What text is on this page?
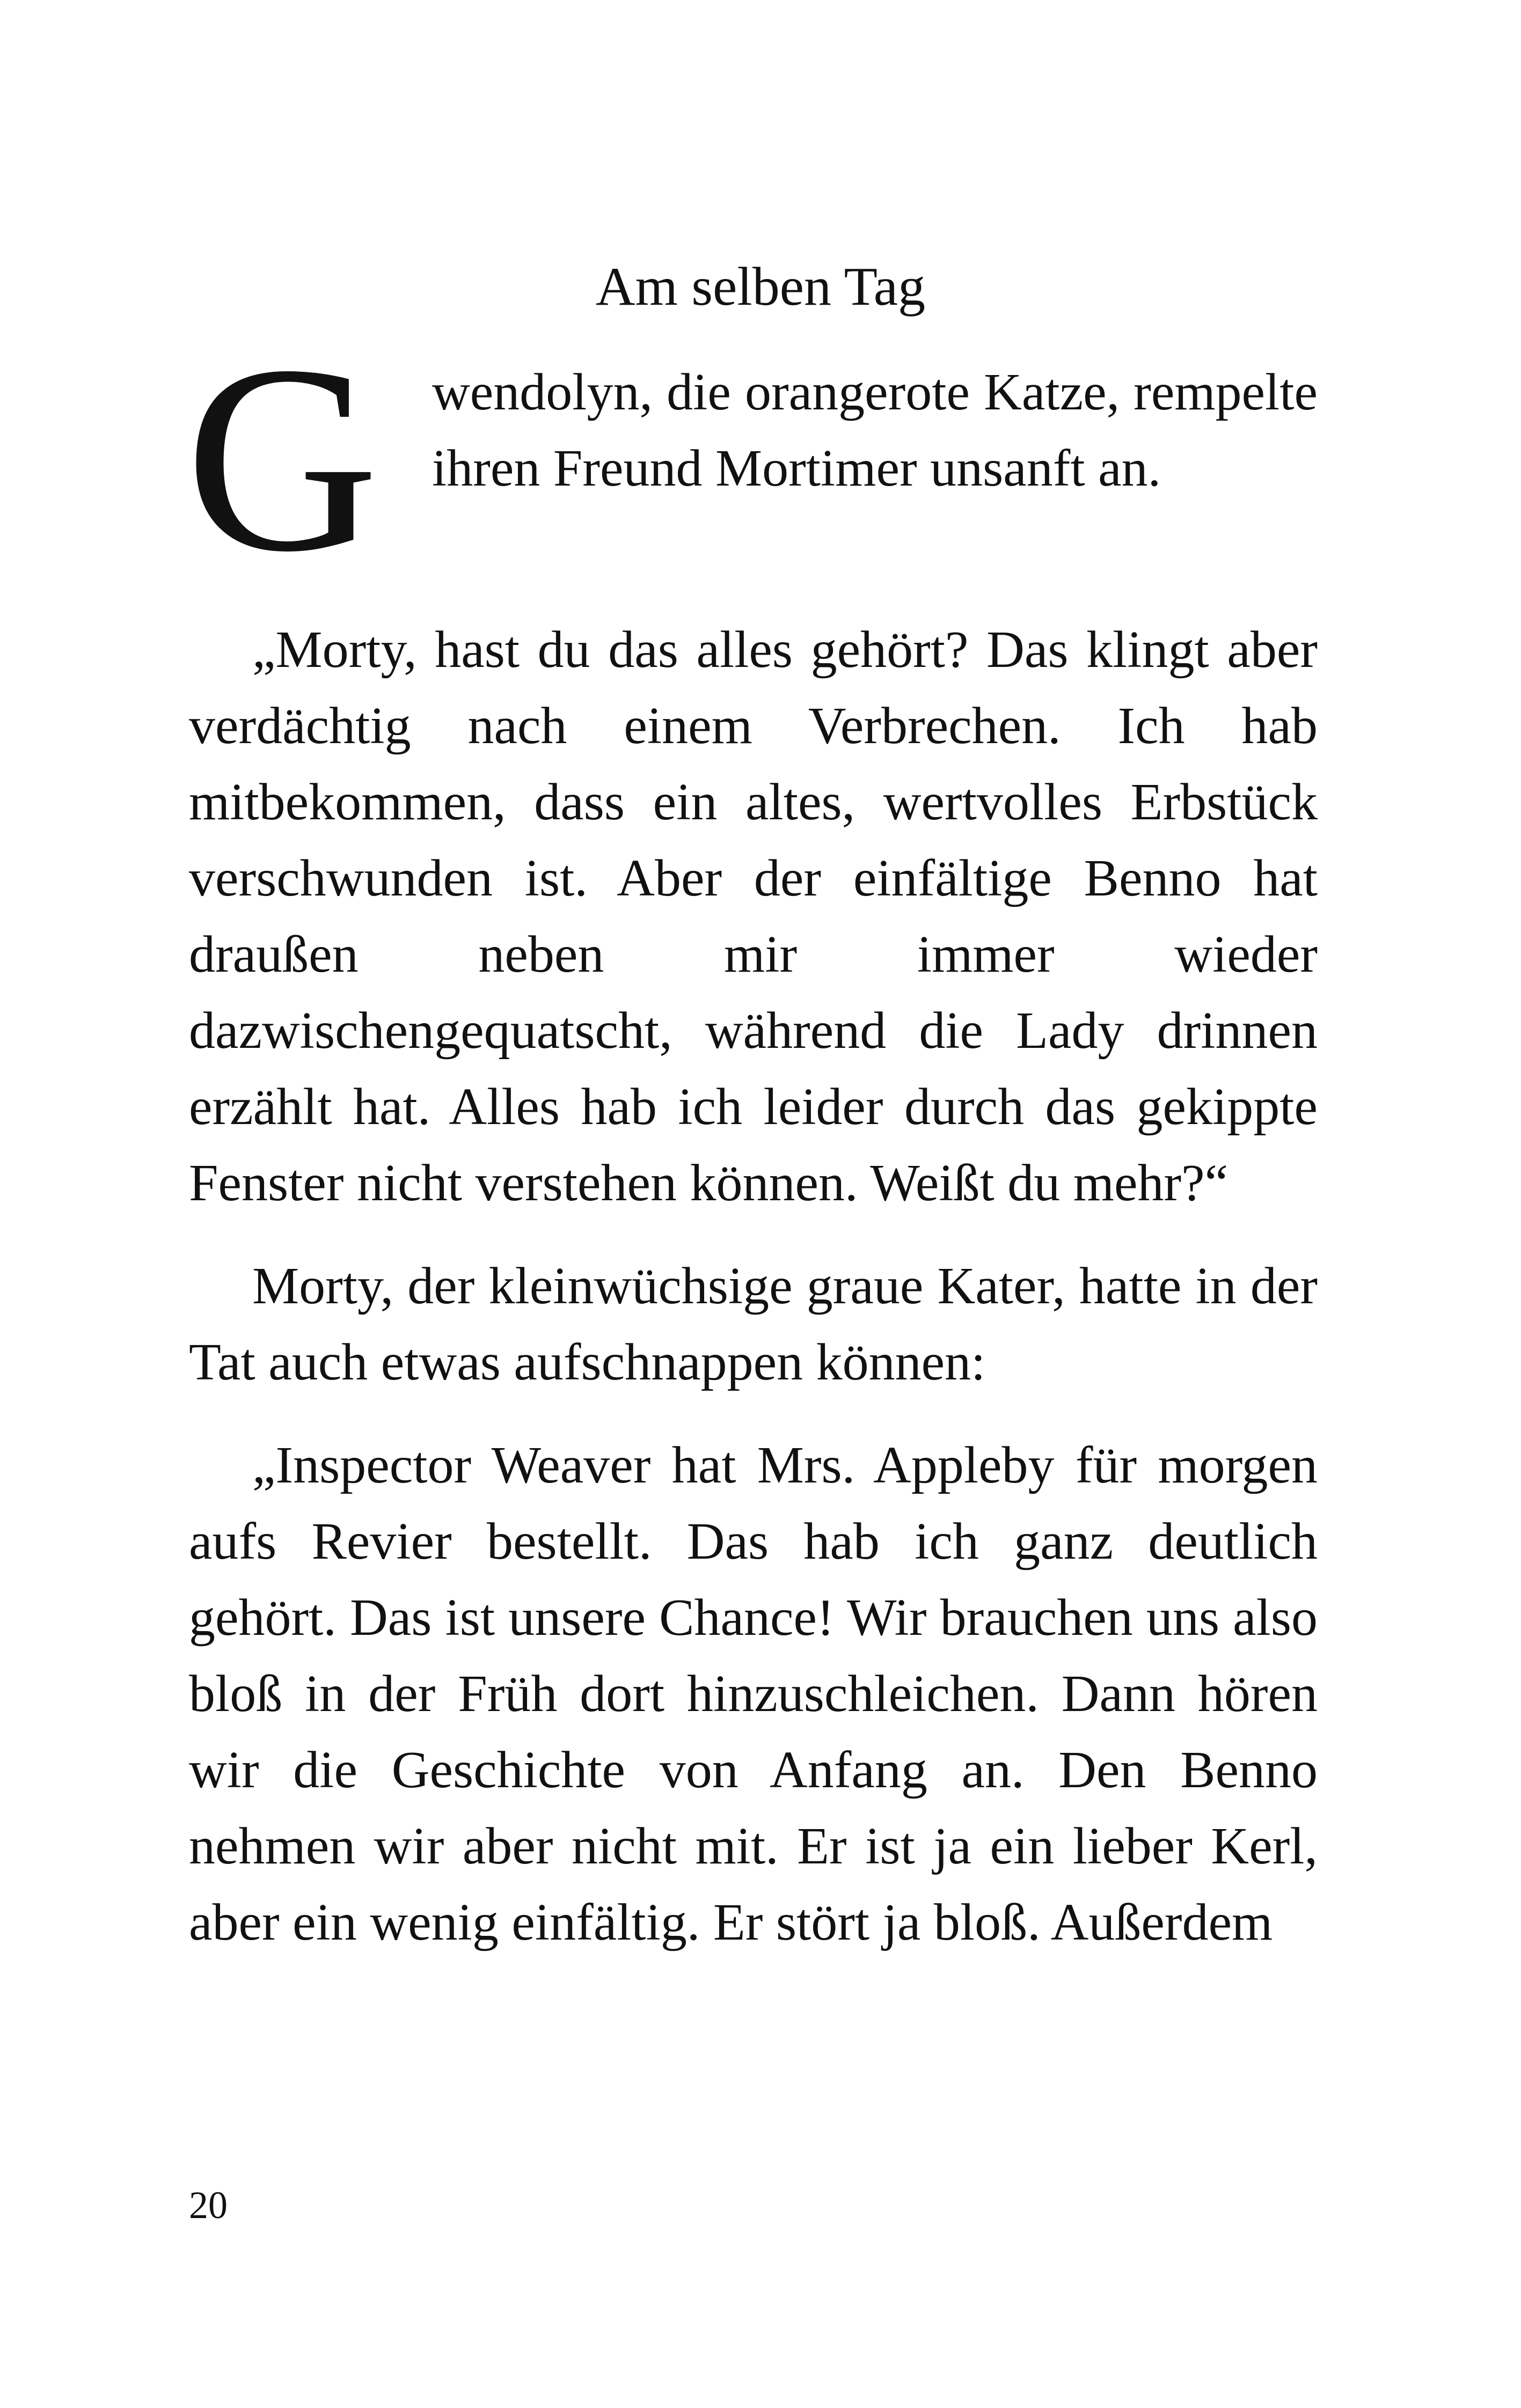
Am selben Tag
G wendolyn, die orangerote Katze, rempelte ihren Freund Mortimer unsanft an.

„Morty, hast du das alles gehört? Das klingt aber verdächtig nach einem Verbrechen. Ich hab mitbekommen, dass ein altes, wertvolles Erbstück verschwunden ist. Aber der einfältige Benno hat draußen neben mir immer wieder dazwischengequatscht, während die Lady drinnen erzählt hat. Alles hab ich leider durch das gekippte Fenster nicht verstehen können. Weißt du mehr?“

Morty, der kleinwüchsige graue Kater, hatte in der Tat auch etwas aufschnappen können:

„Inspector Weaver hat Mrs. Appleby für morgen aufs Revier bestellt. Das hab ich ganz deutlich gehört. Das ist unsere Chance! Wir brauchen uns also bloß in der Früh dort hinzuschleichen. Dann hören wir die Geschichte von Anfang an. Den Benno nehmen wir aber nicht mit. Er ist ja ein lieber Kerl, aber ein wenig einfältig. Er stört ja bloß. Außerdem

20
